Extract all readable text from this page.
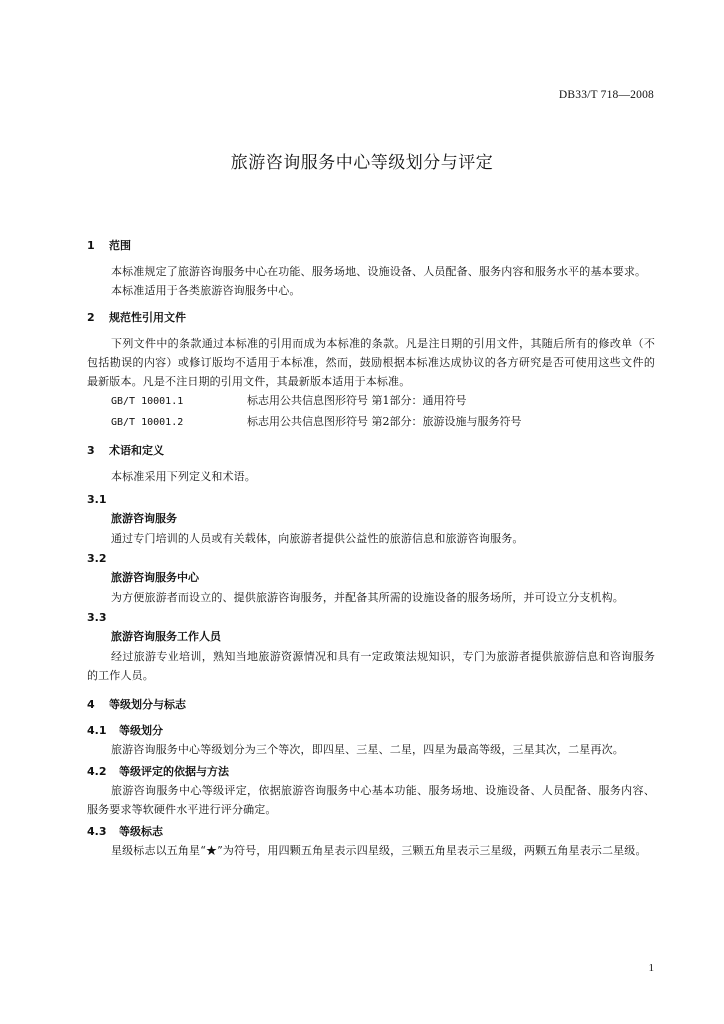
DB33/T 718—2008
旅游咨询服务中心等级划分与评定
1 范围

本标准规定了旅游咨询服务中心在功能、服务场地、设施设备、人员配备、服务内容和服务水平的基本要求。

本标准适用于各类旅游咨询服务中心。

2 规范性引用文件

下列文件中的条款通过本标准的引用而成为本标准的条款。凡是注日期的引用文件，其随后所有的修改单（不包括勘误的内容）或修订版均不适用于本标准，然而，鼓励根据本标准达成协议的各方研究是否可使用这些文件的最新版本。凡是不注日期的引用文件，其最新版本适用于本标准。

GB/T 10001.1	标志用公共信息图形符号 第1部分：通用符号
GB/T 10001.2	标志用公共信息图形符号 第2部分：旅游设施与服务符号
3 术语和定义

本标准采用下列定义和术语。

3.1
旅游咨询服务

通过专门培训的人员或有关载体，向旅游者提供公益性的旅游信息和旅游咨询服务。

3.2
旅游咨询服务中心

为方便旅游者而设立的、提供旅游咨询服务，并配备其所需的设施设备的服务场所，并可设立分支机构。

3.3
旅游咨询服务工作人员

经过旅游专业培训，熟知当地旅游资源情况和具有一定政策法规知识，专门为旅游者提供旅游信息和咨询服务的工作人员。

4 等级划分与标志
4.1 等级划分

旅游咨询服务中心等级划分为三个等次，即四星、三星、二星，四星为最高等级，三星其次，二星再次。

4.2 等级评定的依据与方法

旅游咨询服务中心等级评定，依据旅游咨询服务中心基本功能、服务场地、设施设备、人员配备、服务内容、服务要求等软硬件水平进行评分确定。

4.3 等级标志

星级标志以五角星“★”为符号，用四颗五角星表示四星级，三颗五角星表示三星级，两颗五角星表示二星级。

1
